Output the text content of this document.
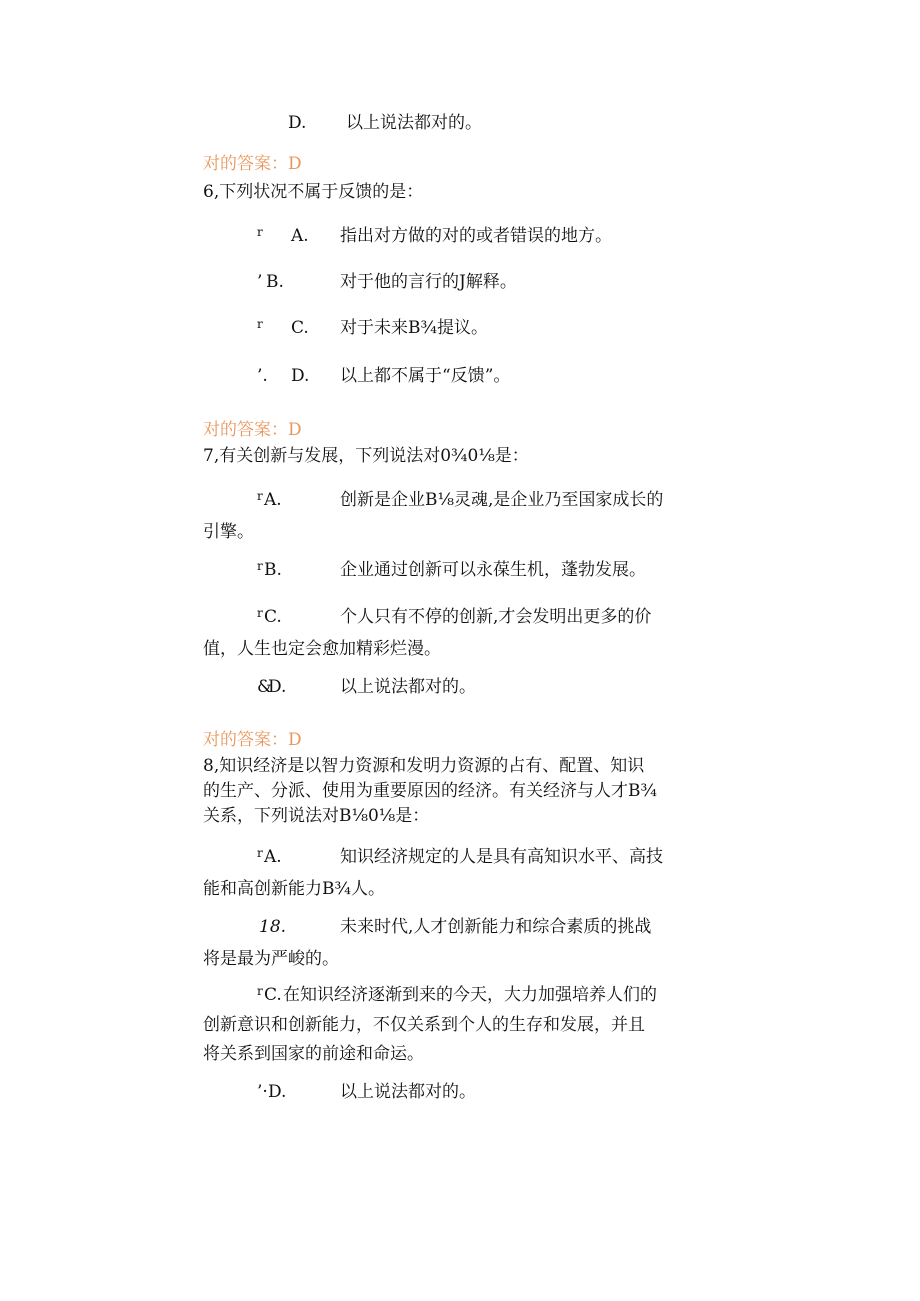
D. 以上说法都对的。
对的答案：D
6,下列状况不属于反馈的是：
r A. 指出对方做的对的或者错误的地方。
’ B.	对于他的言行的J解释。
r C. 对于未来B¾提议。
’. D. 以上都不属于“反馈”。
对的答案：D
7,有关创新与发展，下列说法对0¾0⅛是：
r A.	创新是企业B⅛灵魂,是企业乃至国家成长的
引擎。
r B.	企业通过创新可以永葆生机，蓬勃发展。
r C.	个人只有不停的创新,才会发明出更多的价
值，人生也定会愈加精彩烂漫。
&
D.	以上说法都对的。
对的答案：D
8,知识经济是以智力资源和发明力资源的占有、配置、知识
的生产、分派、使用为重要原因的经济。有关经济与人才B¾
关系，下列说法对B⅛0⅛是：
r A.	知识经济规定的人是具有高知识水平、高技
能和高创新能力B¾人。
18.	未来时代,人才创新能力和综合素质的挑战
将是最为严峻的。
r C. 在知识经济逐渐到来的今天，大力加强培养人们的
创新意识和创新能力，不仅关系到个人的生存和发展，并且
将关系到国家的前途和命运。
’· D.	以上说法都对的。
